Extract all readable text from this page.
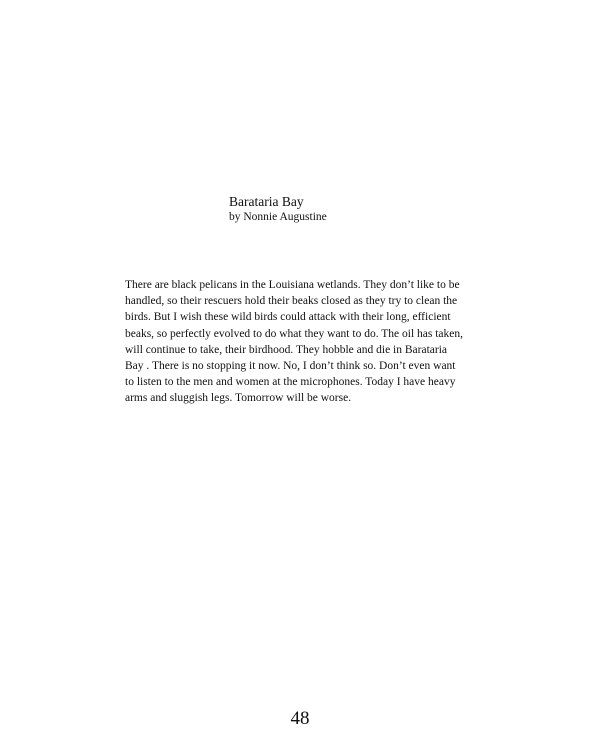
Barataria Bay
by Nonnie Augustine
There are black pelicans in the Louisiana wetlands. They don’t like to be
handled, so their rescuers hold their beaks closed as they try to clean the
birds. But I wish these wild birds could attack with their long, efficient
beaks, so perfectly evolved to do what they want to do. The oil has taken,
will continue to take, their birdhood. They hobble and die in Barataria
Bay . There is no stopping it now. No, I don’t think so. Don’t even want
to listen to the men and women at the microphones. Today I have heavy
arms and sluggish legs. Tomorrow will be worse.
48
